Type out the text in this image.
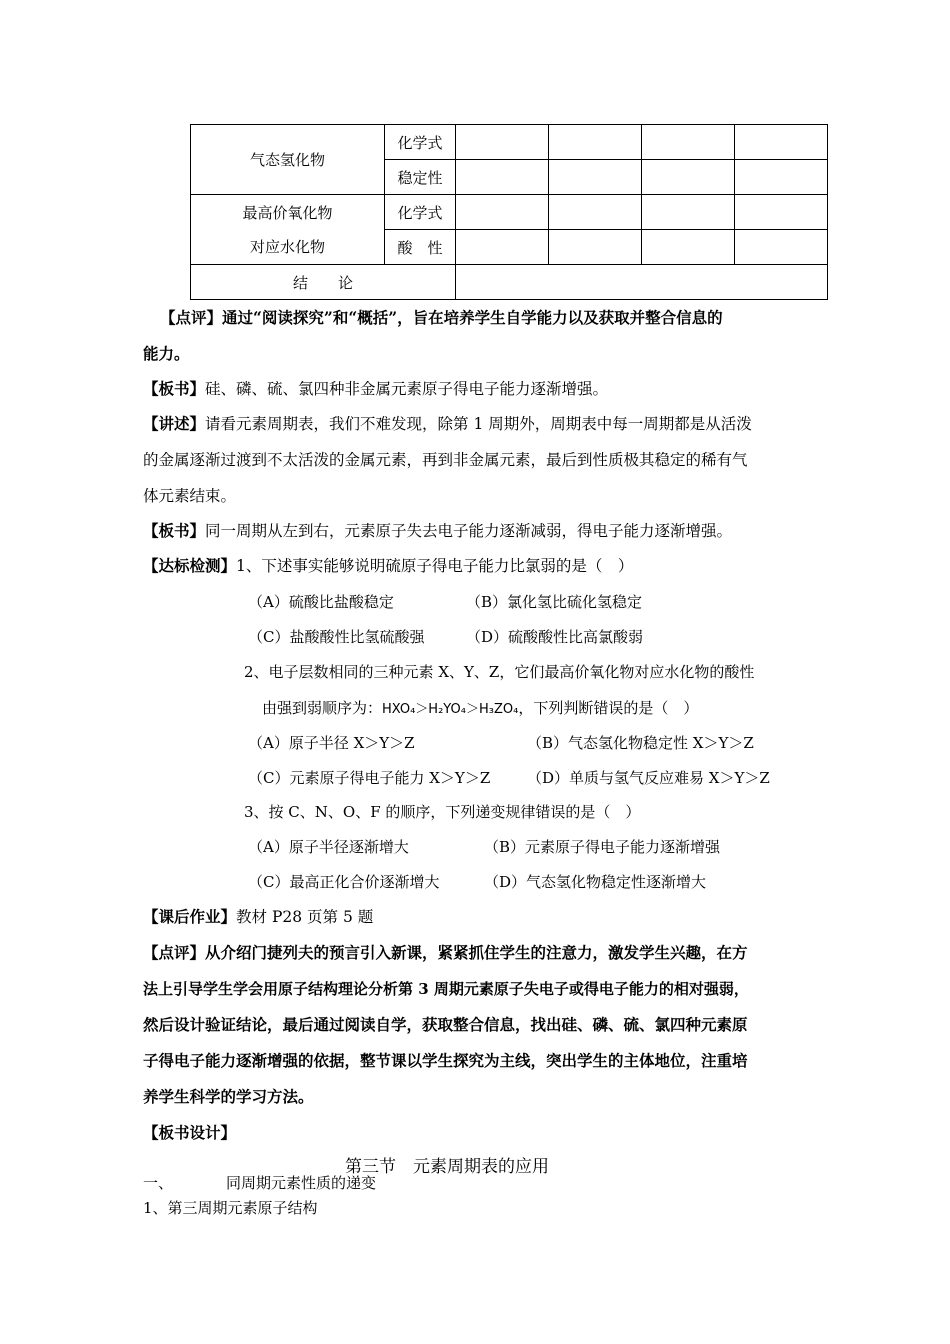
气态氢化物	化学式				
	稳定性				
最高价氧化物	化学式				
对应水化物	酸　性				
结　　论					
【点评】通过“阅读探究”和“概括”，旨在培养学生自学能力以及获取并整合信息的
能力。
【板书】硅、磷、硫、氯四种非金属元素原子得电子能力逐渐增强。
【讲述】请看元素周期表，我们不难发现，除第 1 周期外，周期表中每一周期都是从活泼
的金属逐渐过渡到不太活泼的金属元素，再到非金属元素，最后到性质极其稳定的稀有气
体元素结束。
【板书】同一周期从左到右，元素原子失去电子能力逐渐减弱，得电子能力逐渐增强。
【达标检测】1、下述事实能够说明硫原子得电子能力比氯弱的是（　）
（A）硫酸比盐酸稳定	（B）氯化氢比硫化氢稳定
（C）盐酸酸性比氢硫酸强	（D）硫酸酸性比高氯酸弱
2、电子层数相同的三种元素 X、Y、Z，它们最高价氧化物对应水化物的酸性
由强到弱顺序为：HXO₄＞H₂YO₄＞H₃ZO₄，下列判断错误的是（　）
（A）原子半径 X＞Y＞Z	（B）气态氢化物稳定性 X＞Y＞Z
（C）元素原子得电子能力 X＞Y＞Z （D）单质与氢气反应难易 X＞Y＞Z
3、按 C、N、O、F 的顺序，下列递变规律错误的是（　）
（A）原子半径逐渐增大	（B）元素原子得电子能力逐渐增强
（C）最高正化合价逐渐增大	（D）气态氢化物稳定性逐渐增大
【课后作业】教材 P28 页第 5 题
【点评】从介绍门捷列夫的预言引入新课，紧紧抓住学生的注意力，激发学生兴趣，在方
法上引导学生学会用原子结构理论分析第 3 周期元素原子失电子或得电子能力的相对强弱，
然后设计验证结论，最后通过阅读自学，获取整合信息，找出硅、磷、硫、氯四种元素原
子得电子能力逐渐增强的依据，整节课以学生探究为主线，突出学生的主体地位，注重培
养学生科学的学习方法。
【板书设计】
第三节　元素周期表的应用
一、	同周期元素性质的递变
1、第三周期元素原子结构
